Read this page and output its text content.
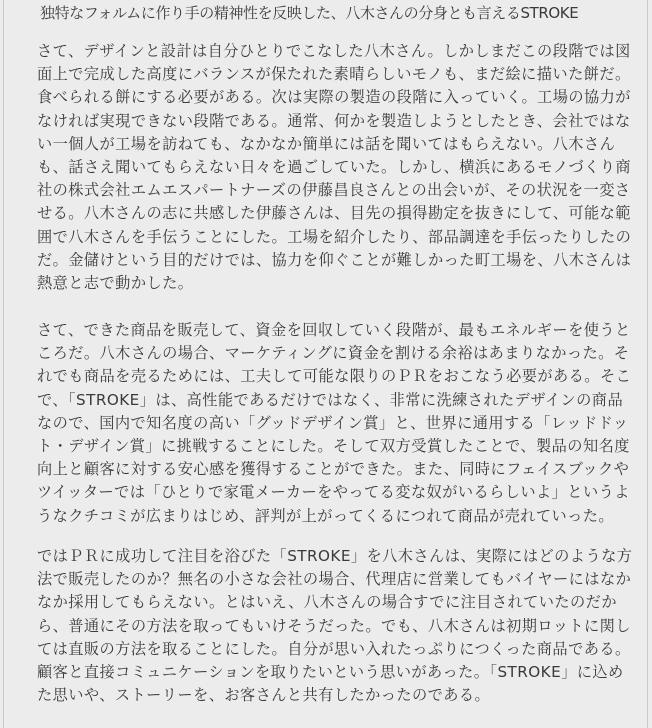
独特なフォルムに作り手の精神性を反映した、八木さんの分身とも言えるSTROKE
さて、デザインと設計は自分ひとりでこなした八木さん。しかしまだこの段階では図
面上で完成した高度にバランスが保たれた素晴らしいモノも、まだ絵に描いた餅だ。
食べられる餅にする必要がある。次は実際の製造の段階に入っていく。工場の協力が
なければ実現できない段階である。通常、何かを製造しようとしたとき、会社ではな
い一個人が工場を訪ねても、なかなか簡単には話を聞いてはもらえない。八木さん
も、話さえ聞いてもらえない日々を過ごしていた。しかし、横浜にあるモノづくり商
社の株式会社エムエスパートナーズの伊藤昌良さんとの出会いが、その状況を一変さ
せる。八木さんの志に共感した伊藤さんは、目先の損得勘定を抜きにして、可能な範
囲で八木さんを手伝うことにした。工場を紹介したり、部品調達を手伝ったりしたの
だ。金儲けという目的だけでは、協力を仰ぐことが難しかった町工場を、八木さんは
熱意と志で動かした。
さて、できた商品を販売して、資金を回収していく段階が、最もエネルギーを使うと
ころだ。八木さんの場合、マーケティングに資金を割ける余裕はあまりなかった。そ
れでも商品を売るためには、工夫して可能な限りのＰＲをおこなう必要がある。そこ
で、「STROKE」は、高性能であるだけではなく、非常に洗練されたデザインの商品
なので、国内で知名度の高い「グッドデザイン賞」と、世界に通用する「レッドドッ
ト・デザイン賞」に挑戦することにした。そして双方受賞したことで、製品の知名度
向上と顧客に対する安心感を獲得することができた。また、同時にフェイスブックや
ツイッターでは「ひとりで家電メーカーをやってる変な奴がいるらしいよ」というよ
うなクチコミが広まりはじめ、評判が上がってくるにつれて商品が売れていった。
ではＰＲに成功して注目を浴びた「STROKE」を八木さんは、実際にはどのような方
法で販売したのか？無名の小さな会社の場合、代理店に営業してもバイヤーにはなか
なか採用してもらえない。とはいえ、八木さんの場合すでに注目されていたのだか
ら、普通にその方法を取ってもいけそうだった。でも、八木さんは初期ロットに関し
ては直販の方法を取ることにした。自分が思い入れたっぷりにつくった商品である。
顧客と直接コミュニケーションを取りたいという思いがあった。「STROKE」に込め
た思いや、ストーリーを、お客さんと共有したかったのである。
